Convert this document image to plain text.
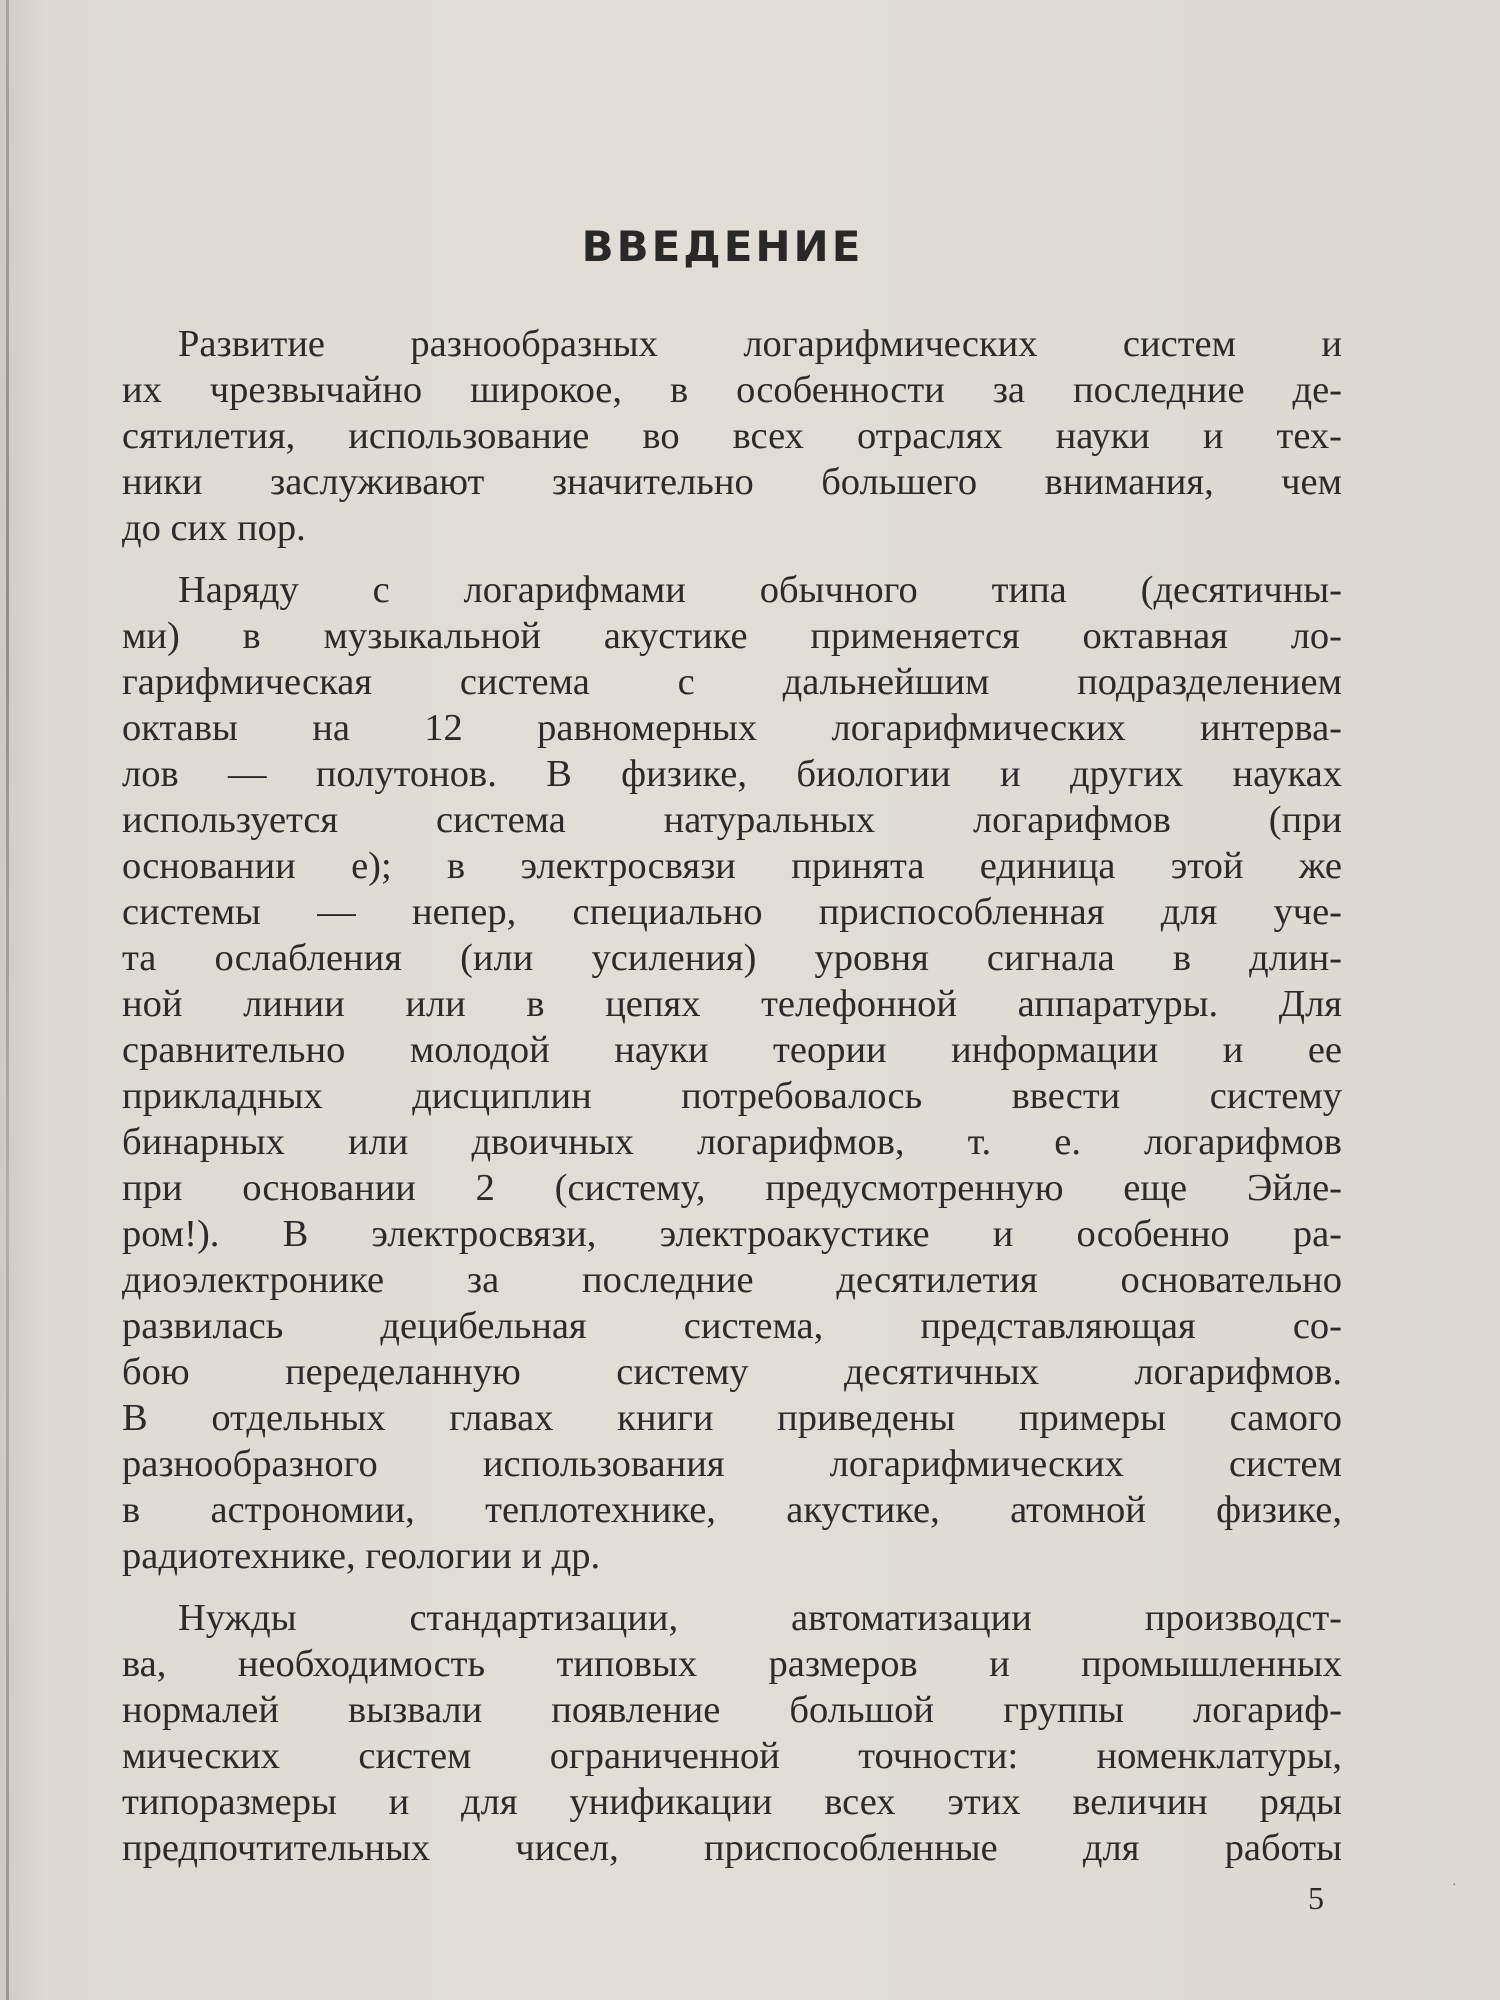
ВВЕДЕНИЕ
Развитие разнообразных логарифмических систем и
их чрезвычайно широкое, в особенности за последние де-
сятилетия, использование во всех отраслях науки и тех-
ники заслуживают значительно большего внимания, чем
до сих пор.
Наряду с логарифмами обычного типа (десятичны-
ми) в музыкальной акустике применяется октавная ло-
гарифмическая система с дальнейшим подразделением
октавы на 12 равномерных логарифмических интерва-
лов — полутонов. В физике, биологии и других науках
используется система натуральных логарифмов (при
основании е); в электросвязи принята единица этой же
системы — непер, специально приспособленная для уче-
та ослабления (или усиления) уровня сигнала в длин-
ной линии или в цепях телефонной аппаратуры. Для
сравнительно молодой науки теории информации и ее
прикладных дисциплин потребовалось ввести систему
бинарных или двоичных логарифмов, т. е. логарифмов
при основании 2 (систему, предусмотренную еще Эйле-
ром!). В электросвязи, электроакустике и особенно ра-
диоэлектронике за последние десятилетия основательно
развилась децибельная система, представляющая со-
бою переделанную систему десятичных логарифмов.
В отдельных главах книги приведены примеры самого
разнообразного использования логарифмических систем
в астрономии, теплотехнике, акустике, атомной физике,
радиотехнике, геологии и др.
Нужды стандартизации, автоматизации производст-
ва, необходимость типовых размеров и промышленных
нормалей вызвали появление большой группы логариф-
мических систем ограниченной точности: номенклатуры,
типоразмеры и для унификации всех этих величин ряды
предпочтительных чисел, приспособленные для работы
5	·
